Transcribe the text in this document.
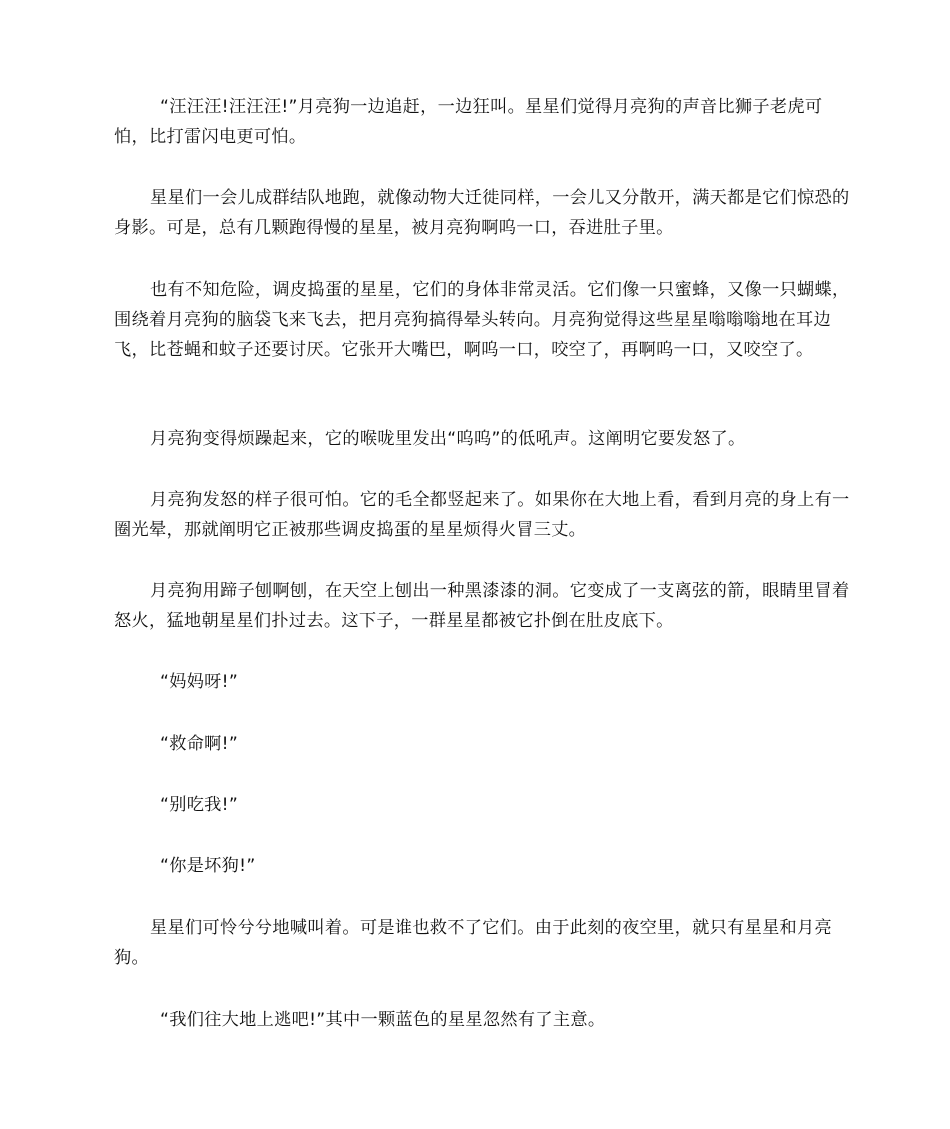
“汪汪汪!汪汪汪!”月亮狗一边追赶，一边狂叫。星星们觉得月亮狗的声音比狮子老虎可怕，比打雷闪电更可怕。

星星们一会儿成群结队地跑，就像动物大迁徙同样，一会儿又分散开，满天都是它们惊恐的身影。可是，总有几颗跑得慢的星星，被月亮狗啊呜一口，吞进肚子里。

也有不知危险，调皮捣蛋的星星，它们的身体非常灵活。它们像一只蜜蜂，又像一只蝴蝶，围绕着月亮狗的脑袋飞来飞去，把月亮狗搞得晕头转向。月亮狗觉得这些星星嗡嗡嗡地在耳边飞，比苍蝇和蚊子还要讨厌。它张开大嘴巴，啊呜一口，咬空了，再啊呜一口，又咬空了。

月亮狗变得烦躁起来，它的喉咙里发出“呜呜”的低吼声。这阐明它要发怒了。

月亮狗发怒的样子很可怕。它的毛全都竖起来了。如果你在大地上看，看到月亮的身上有一圈光晕，那就阐明它正被那些调皮捣蛋的星星烦得火冒三丈。

月亮狗用蹄子刨啊刨，在天空上刨出一种黑漆漆的洞。它变成了一支离弦的箭，眼睛里冒着怒火，猛地朝星星们扑过去。这下子，一群星星都被它扑倒在肚皮底下。

“妈妈呀!”

“救命啊!”

“别吃我!”

“你是坏狗!”

星星们可怜兮兮地喊叫着。可是谁也救不了它们。由于此刻的夜空里，就只有星星和月亮狗。

“我们往大地上逃吧!”其中一颗蓝色的星星忽然有了主意。
